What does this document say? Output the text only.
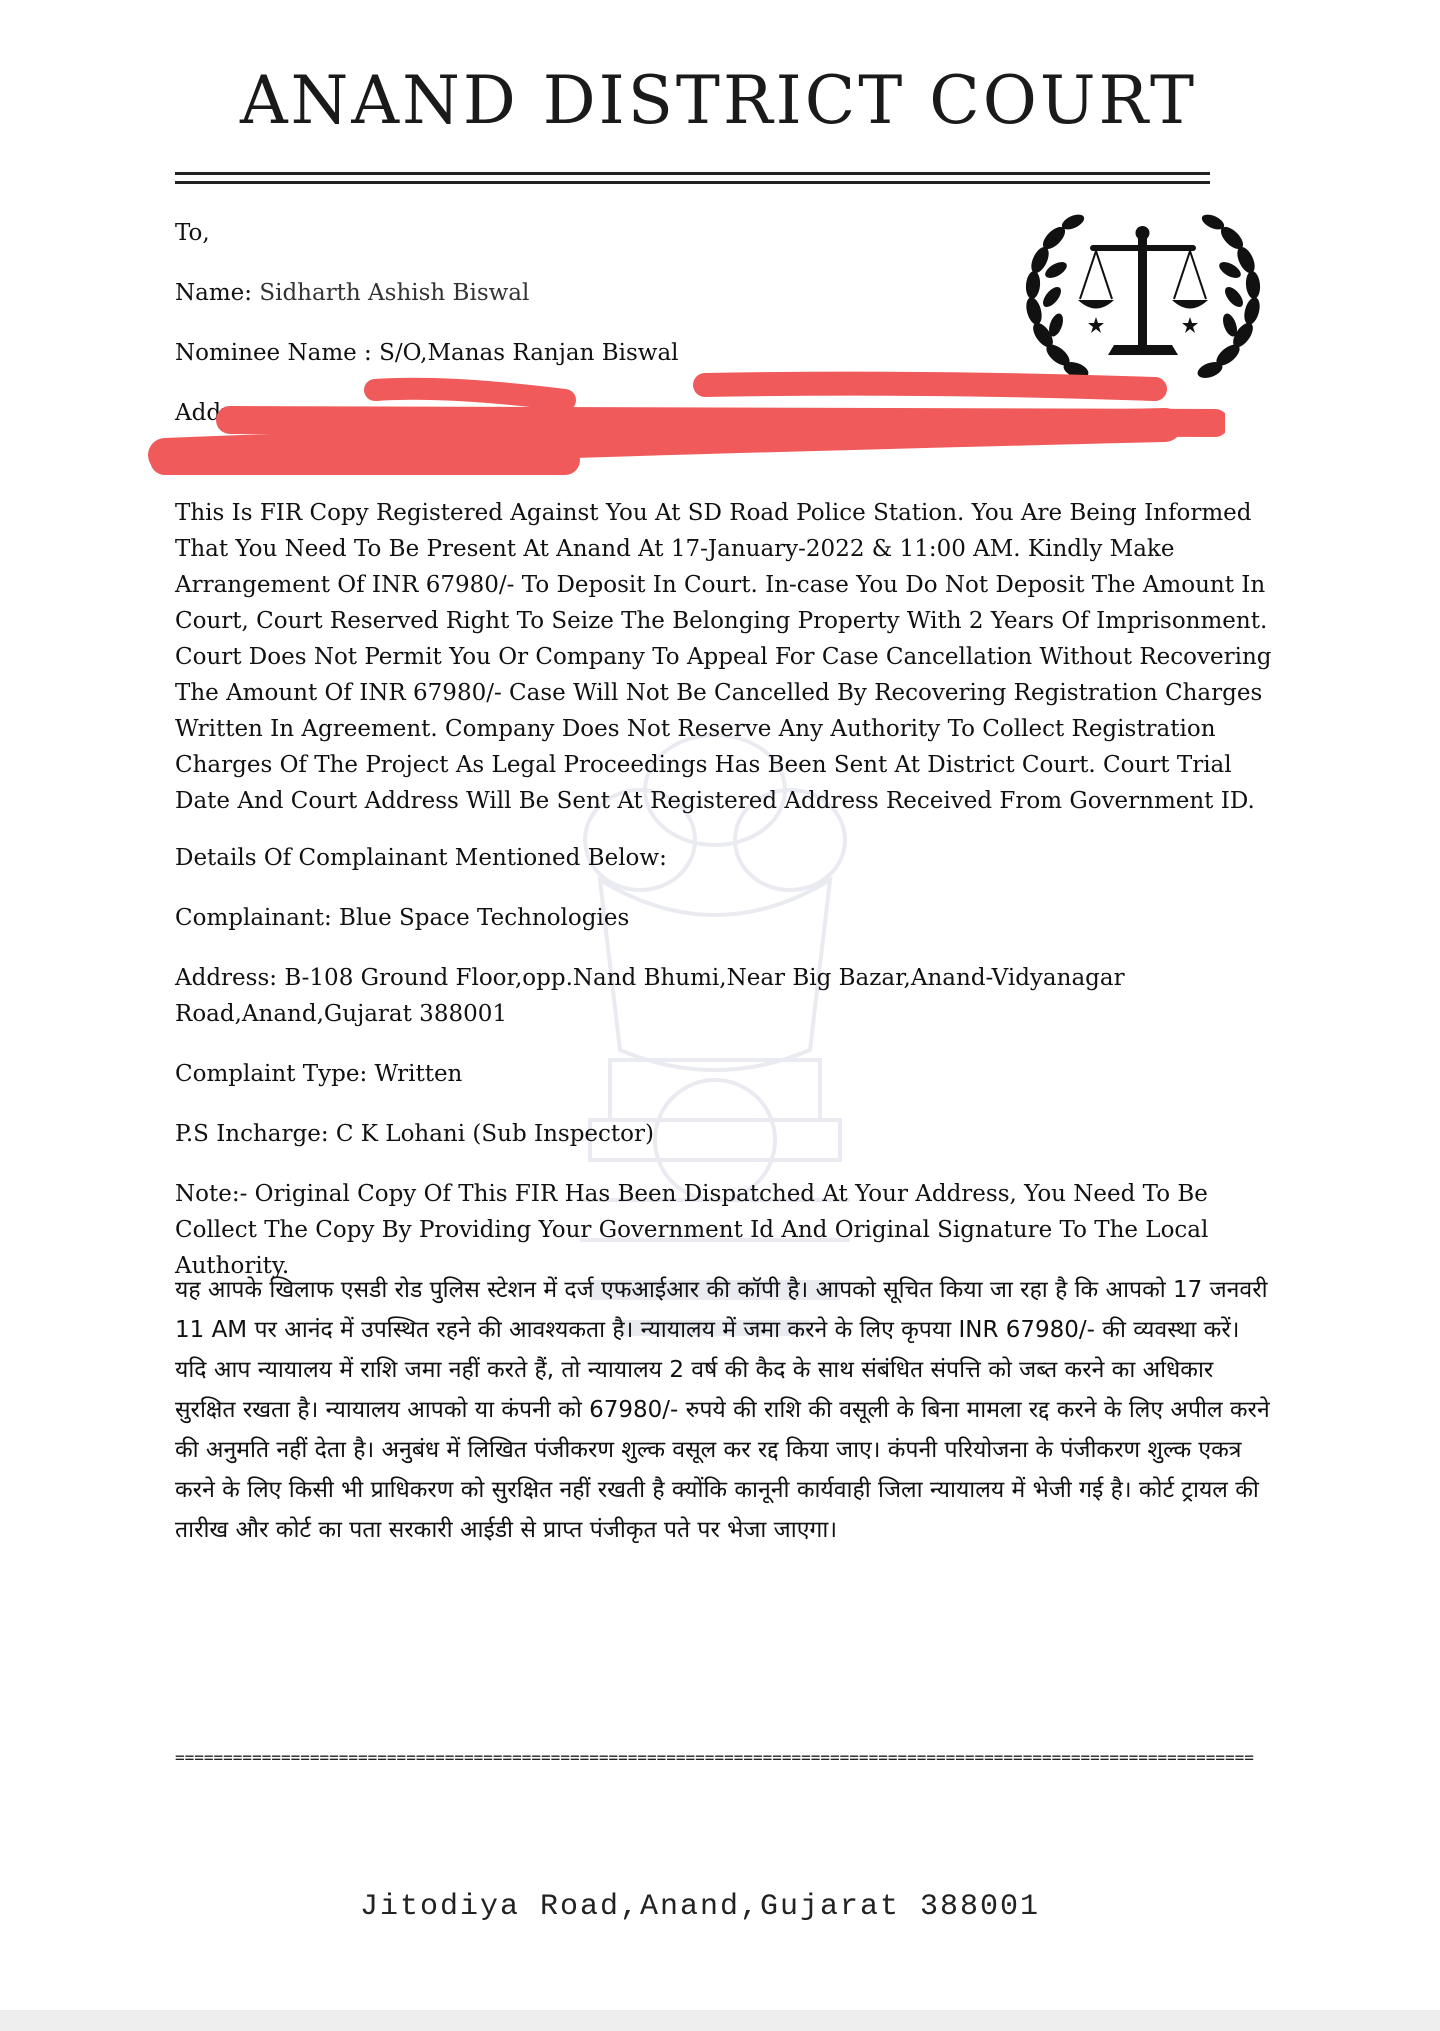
ANAND DISTRICT COURT
To,
Name: Sidharth Ashish Biswal
Nominee Name : S/O,Manas Ranjan Biswal
Address:

This Is FIR Copy Registered Against You At SD Road Police Station. You Are Being Informed That You Need To Be Present At Anand At 17-January-2022 & 11:00 AM. Kindly Make Arrangement Of INR 67980/- To Deposit In Court. In-case You Do Not Deposit The Amount In Court, Court Reserved Right To Seize The Belonging Property With 2 Years Of Imprisonment. Court Does Not Permit You Or Company To Appeal For Case Cancellation Without Recovering The Amount Of INR 67980/- Case Will Not Be Cancelled By Recovering Registration Charges Written In Agreement. Company Does Not Reserve Any Authority To Collect Registration Charges Of The Project As Legal Proceedings Has Been Sent At District Court. Court Trial Date And Court Address Will Be Sent At Registered Address Received From Government ID.

Details Of Complainant Mentioned Below:

Complainant: Blue Space Technologies

Address: B-108 Ground Floor,opp.Nand Bhumi,Near Big Bazar,Anand-Vidyanagar Road,Anand,Gujarat 388001

Complaint Type: Written

P.S Incharge: C K Lohani (Sub Inspector)

Note:- Original Copy Of This FIR Has Been Dispatched At Your Address, You Need To Be Collect The Copy By Providing Your Government Id And Original Signature To The Local Authority.

यह आपके खिलाफ एसडी रोड पुलिस स्टेशन में दर्ज एफआईआर की कॉपी है। आपको सूचित किया जा रहा है कि आपको 17 जनवरी 11 AM पर आनंद में उपस्थित रहने की आवश्यकता है। न्यायालय में जमा करने के लिए कृपया INR 67980/- की व्यवस्था करें। यदि आप न्यायालय में राशि जमा नहीं करते हैं, तो न्यायालय 2 वर्ष की कैद के साथ संबंधित संपत्ति को जब्त करने का अधिकार सुरक्षित रखता है। न्यायालय आपको या कंपनी को 67980/- रुपये की राशि की वसूली के बिना मामला रद्द करने के लिए अपील करने की अनुमति नहीं देता है। अनुबंध में लिखित पंजीकरण शुल्क वसूल कर रद्द किया जाए। कंपनी परियोजना के पंजीकरण शुल्क एकत्र करने के लिए किसी भी प्राधिकरण को सुरक्षित नहीं रखती है क्योंकि कानूनी कार्यवाही जिला न्यायालय में भेजी गई है। कोर्ट ट्रायल की तारीख और कोर्ट का पता सरकारी आईडी से प्राप्त पंजीकृत पते पर भेजा जाएगा।

================================================================================================================
Jitodiya Road,Anand,Gujarat 388001
